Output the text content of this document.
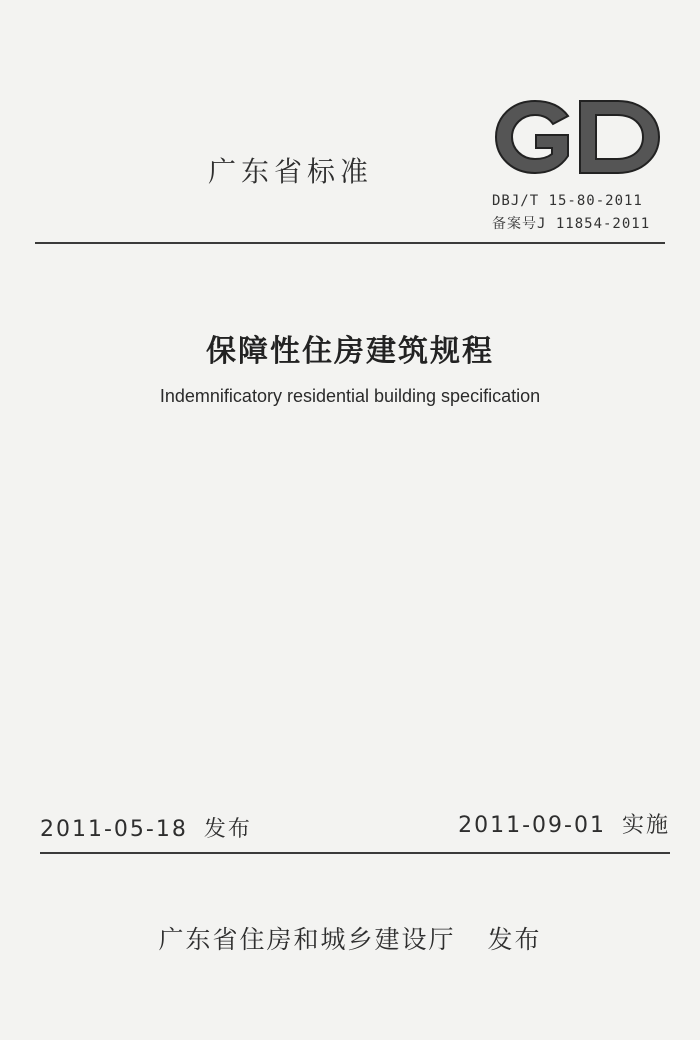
广东省标准
DBJ/T 15-80-2011
备案号J 11854-2011
保障性住房建筑规程
Indemnificatory residential building specification
2011-05-18 发布	2011-09-01 实施
广东省住房和城乡建设厅 发布
